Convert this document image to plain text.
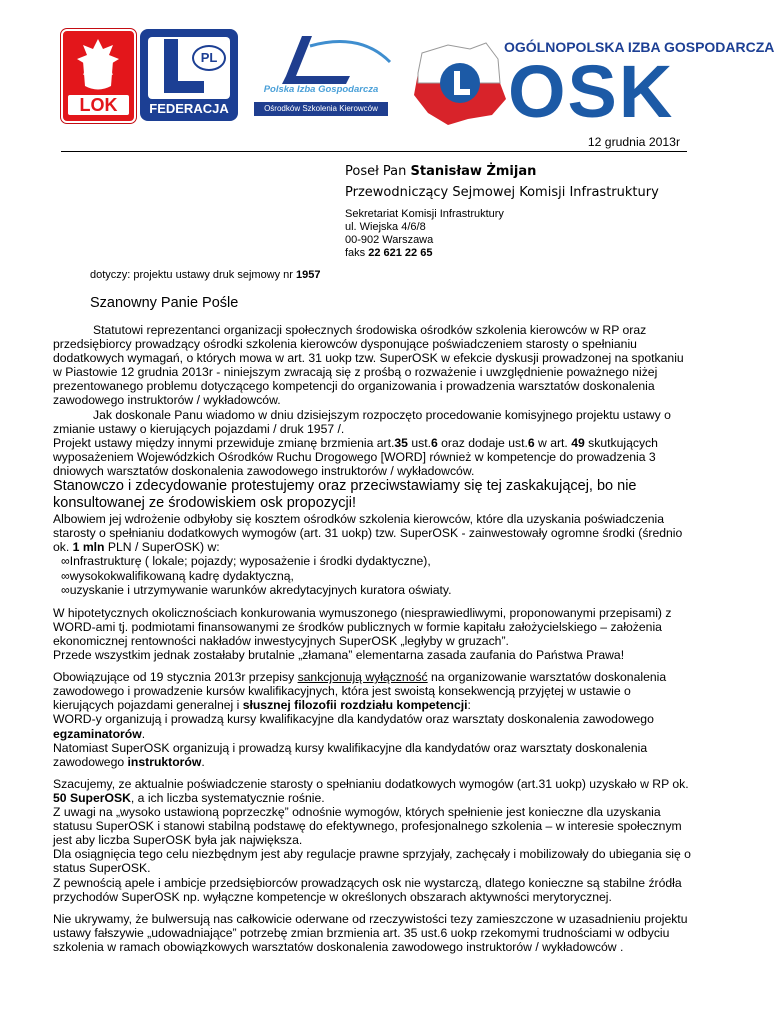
LOK
PL
FEDERACJA
Polska Izba Gospodarcza
Ośrodków Szkolenia Kierowców
OGÓLNOPOLSKA IZBA GOSPODARCZA
OSK
12 grudnia 2013r
Poseł Pan Stanisław Żmijan
Przewodniczący Sejmowej Komisji Infrastruktury
Sekretariat Komisji Infrastruktury
ul. Wiejska 4/6/8
00-902 Warszawa
faks 22 621 22 65
dotyczy: projektu ustawy druk sejmowy nr 1957
Szanowny Panie Pośle

Statutowi reprezentanci organizacji społecznych środowiska ośrodków szkolenia kierowców w RP oraz przedsiębiorcy prowadzący ośrodki szkolenia kierowców dysponujące poświadczeniem starosty o spełnianiu dodatkowych wymagań, o których mowa w art. 31 uokp tzw. SuperOSK w efekcie dyskusji prowadzonej na spotkaniu w Piastowie 12 grudnia 2013r - niniejszym zwracają się z prośbą o rozważenie i uwzględnienie poważnego niżej prezentowanego problemu dotyczącego kompetencji do organizowania i prowadzenia warsztatów doskonalenia zawodowego instruktorów / wykładowców.

Jak doskonale Panu wiadomo w dniu dzisiejszym rozpoczęto procedowanie komisyjnego projektu ustawy o zmianie ustawy o kierujących pojazdami / druk 1957 /.

Projekt ustawy między innymi przewiduje zmianę brzmienia art.35 ust.6 oraz dodaje ust.6 w art. 49 skutkujących wyposażeniem Wojewódzkich Ośrodków Ruchu Drogowego [WORD] również w kompetencje do prowadzenia 3 dniowych warsztatów doskonalenia zawodowego instruktorów / wykładowców.

Stanowczo i zdecydowanie protestujemy oraz przeciwstawiamy się tej zaskakującej, bo nie konsultowanej ze środowiskiem osk propozycji!

Albowiem jej wdrożenie odbyłoby się kosztem ośrodków szkolenia kierowców, które dla uzyskania poświadczenia starosty o spełnianiu dodatkowych wymogów (art. 31 uokp) tzw. SuperOSK - zainwestowały ogromne środki (średnio ok. 1 mln PLN / SuperOSK) w:

∞Infrastrukturę ( lokale; pojazdy; wyposażenie i środki dydaktyczne),

∞wysokokwalifikowaną kadrę dydaktyczną,

∞uzyskanie i utrzymywanie warunków akredytacyjnych kuratora oświaty.

W hipotetycznych okolicznościach konkurowania wymuszonego (niesprawiedliwymi, proponowanymi przepisami) z WORD-ami tj. podmiotami finansowanymi ze środków publicznych w formie kapitału założycielskiego – założenia ekonomicznej rentowności nakładów inwestycyjnych SuperOSK „ległyby w gruzach”.

Przede wszystkim jednak zostałaby brutalnie „złamana” elementarna zasada zaufania do Państwa Prawa!

Obowiązujące od 19 stycznia 2013r przepisy sankcjonują wyłączność na organizowanie warsztatów doskonalenia zawodowego i prowadzenie kursów kwalifikacyjnych, która jest swoistą konsekwencją przyjętej w ustawie o kierujących pojazdami generalnej i słusznej filozofii rozdziału kompetencji:

WORD-y organizują i prowadzą kursy kwalifikacyjne dla kandydatów oraz warsztaty doskonalenia zawodowego egzaminatorów.

Natomiast SuperOSK organizują i prowadzą kursy kwalifikacyjne dla kandydatów oraz warsztaty doskonalenia zawodowego instruktorów.

Szacujemy, ze aktualnie poświadczenie starosty o spełnianiu dodatkowych wymogów (art.31 uokp) uzyskało w RP ok. 50 SuperOSK, a ich liczba systematycznie rośnie.

Z uwagi na „wysoko ustawioną poprzeczkę” odnośnie wymogów, których spełnienie jest konieczne dla uzyskania statusu SuperOSK i stanowi stabilną podstawę do efektywnego, profesjonalnego szkolenia – w interesie społecznym jest aby liczba SuperOSK była jak największa.

Dla osiągnięcia tego celu niezbędnym jest aby regulacje prawne sprzyjały, zachęcały i mobilizowały do ubiegania się o status SuperOSK.

Z pewnością apele i ambicje przedsiębiorców prowadzących osk nie wystarczą, dlatego konieczne są stabilne źródła przychodów SuperOSK np. wyłączne kompetencje w określonych obszarach aktywności merytorycznej.

Nie ukrywamy, że bulwersują nas całkowicie oderwane od rzeczywistości tezy zamieszczone w uzasadnieniu projektu ustawy fałszywie „udowadniające” potrzebę zmian brzmienia art. 35 ust.6 uokp rzekomymi trudnościami w odbyciu szkolenia w ramach obowiązkowych warsztatów doskonalenia zawodowego instruktorów / wykładowców .
